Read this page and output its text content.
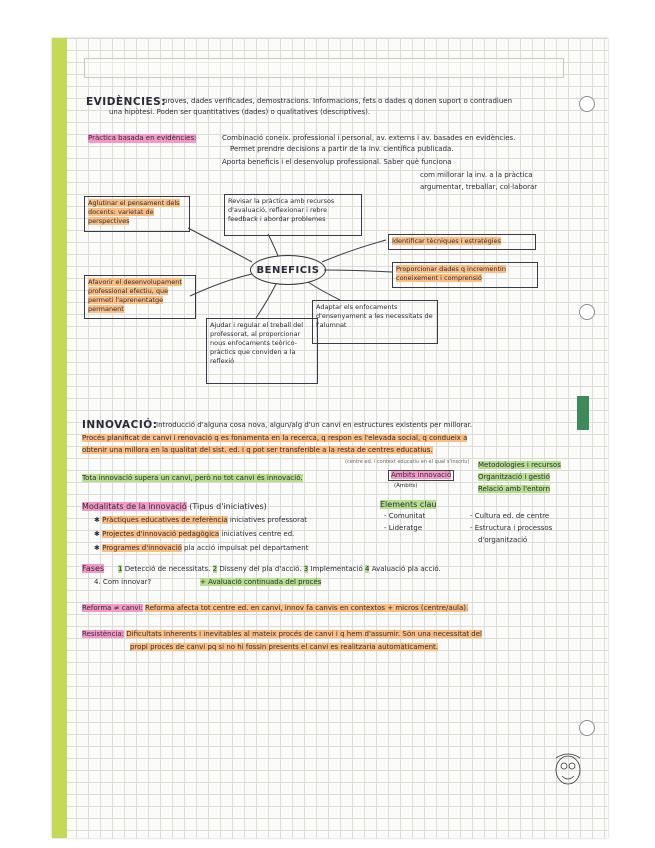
EVIDÈNCIES:
proves, dades verificades, demostracions. Informacions, fets o dades q donen suport o contradiuen
una hipòtesi. Poden ser quantitatives (dades) o qualitatives (descriptives).
Pràctica basada en evidències:	Combinació coneix. professional i personal, av. externs i av. basades en evidències.
Permet prendre decisions a partir de la inv. científica publicada.
Aporta beneficis i el desenvolup professional. Saber què funciona
com millorar la inv. a la pràctica
argumentar, treballar, col·laborar
BENEFICIS
Aglutinar el pensament dels docents: varietat de perspectives
Revisar la pràctica amb recursos d'avaluació, reflexionar i rebre feedback i abordar problemes
Identificar tècniques i estratègies
Afavorir el desenvolupament professional efectiu, que permeti l'aprenentatge permanent
Proporcionar dades q incrementin coneixement i comprensió
Adaptar els enfocaments d'ensenyament a les necessitats de l'alumnat
Ajudar i regular el treball del professorat, al proporcionar nous enfocaments teòrico-pràctics que conviden a la reflexió
INNOVACIÓ:
Introducció d'alguna cosa nova, algun/alg d'un canvi en estructures existents per millorar.
Procés planificat de canvi i renovació q es fonamenta en la recerca, q respon es l'elevada social, q condueix a
obtenir una millora en la qualitat del sist. ed. i q pot ser transferible a la resta de centres educatius.
(centre ed. i context educatiu en el qual s'inscriu)
Tota innovació supera un canvi, però no tot canvi és innovació.	Àmbits innovació
(Àmbits)
Metodologies i recursos
Organització i gestió
Relació amb l'entorn
Modalitats de la innovació (Tipus d'iniciatives)
✱ Pràctiques educatives de referència iniciatives professorat
✱ Projectes d'innovació pedagògica iniciatives centre ed.
✱ Programes d'innovació pla acció impulsat pel departament
Elements clau
- Comunitat
- Lideratge
- Cultura ed. de centre
- Estructura i processos
d'organització
Fases 1 Detecció de necessitats. 2 Disseny del pla d'acció. 3 Implementació 4 Avaluació pla acció.
4. Com innovar?	+ Avaluació continuada del procés
Reforma ≠ canvi: Reforma afecta tot centre ed. en canvi, innov fa canvis en contextos + micros (centre/aula).
Resistència: Dificultats inherents i inevitables al mateix procés de canvi i q hem d'assumir. Són una necessitat del
propi procés de canvi pq si no hi fossin presents el canvi es realitzaria automàticament.
